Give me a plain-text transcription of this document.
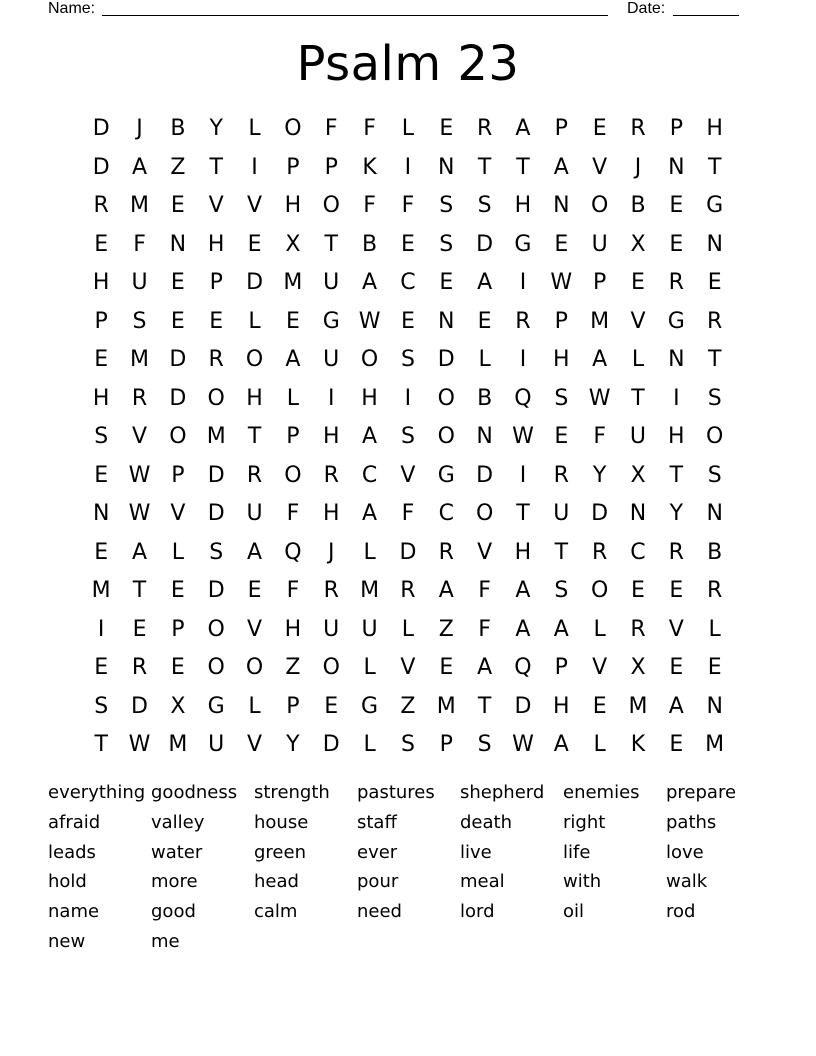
Name:	Date:
Psalm 23
D	J	B	Y	L	O	F	F	L	E	R	A	P	E	R	P	H
D	A	Z	T	I	P	P	K	I	N	T	T	A	V	J	N	T
R M E	V	V	H O	F	F	S	S	H N O	B	E	G
E	F	N H	E	X	T	B	E	S	D G	E	U	X	E	N
H	U	E	P	D M U	A	C	E	A	I	W P	E	R	E
P	S	E	E	L	E	G W E	N	E	R	P	M V	G	R
E M D	R	O	A	U O	S	D	L	I	H	A	L	N	T
H	R	D O H	L	I	H	I	O	B	Q	S W T	I	S
S	V	O M	T	P	H	A	S	O N W E	F	U	H O
E W P	D	R	O	R	C	V	G D	I	R	Y	X	T	S
N W V	D U	F	H	A	F	C O	T	U D N	Y	N
E	A	L	S	A	Q	J	L	D	R	V	H	T	R	C	R	B
M	T	E	D	E	F	R M R	A	F	A	S	O	E	E	R
I	E	P	O	V	H	U	U	L	Z	F	A	A	L	R	V	L
E	R	E	O O	Z	O	L	V	E	A	Q	P	V	X	E	E
S	D	X	G	L	P	E	G	Z M	T	D H	E M A	N
T W M U	V	Y	D	L	S	P	S W A	L	K	E M
everything goodness strength	pastures	shepherd	enemies	prepare
afraid	valley	house	staff	death	right	paths
leads	water	green	ever	live	life	love
hold	more	head	pour	meal	with	walk
name	good	calm	need	lord	oil	rod
new	me
